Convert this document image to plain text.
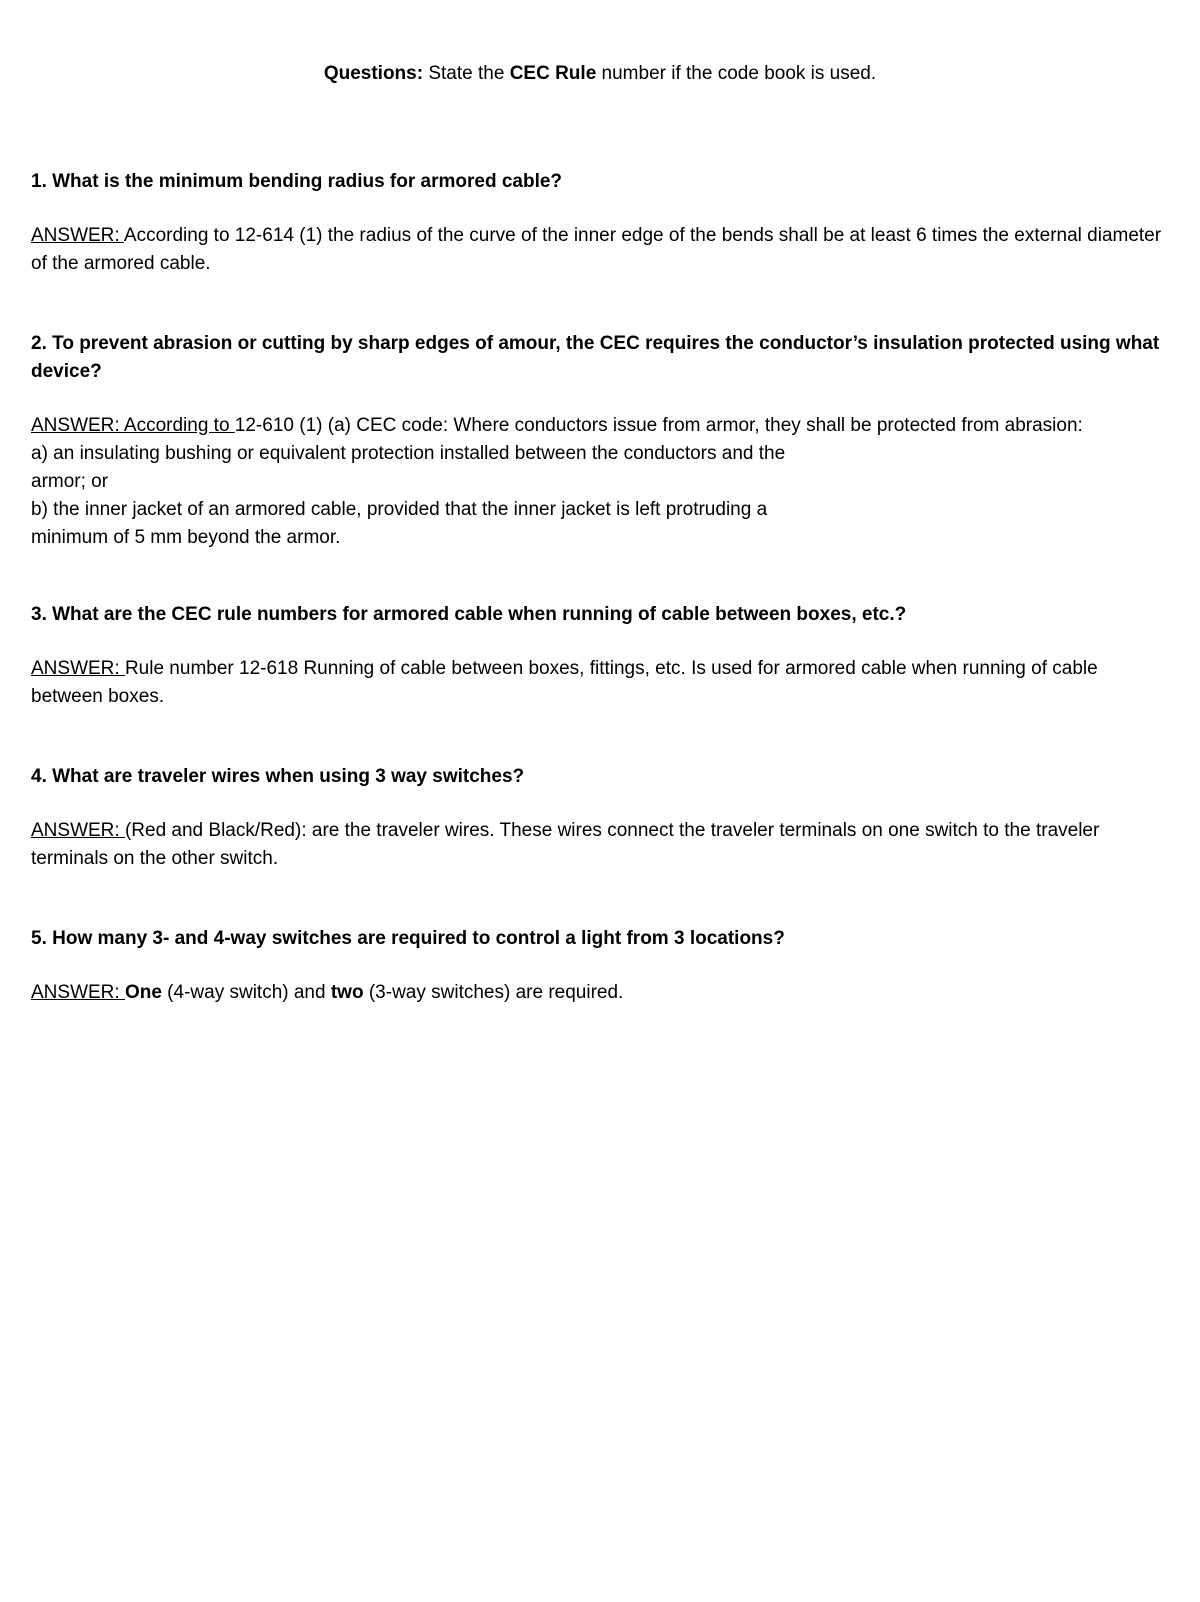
Questions: State the CEC Rule number if the code book is used.
1. What is the minimum bending radius for armored cable?
ANSWER: According to 12-614 (1) the radius of the curve of the inner edge of the bends shall be at least 6 times the external diameter of the armored cable.
2. To prevent abrasion or cutting by sharp edges of amour, the CEC requires the conductor’s insulation protected using what device?
ANSWER: According to 12-610 (1) (a) CEC code: Where conductors issue from armor, they shall be protected from abrasion:
a) an insulating bushing or equivalent protection installed between the conductors and the
armor; or
b) the inner jacket of an armored cable, provided that the inner jacket is left protruding a
minimum of 5 mm beyond the armor.
3. What are the CEC rule numbers for armored cable when running of cable between boxes, etc.?
ANSWER: Rule number 12-618 Running of cable between boxes, fittings, etc. Is used for armored cable when running of cable between boxes.
4. What are traveler wires when using 3 way switches?
ANSWER: (Red and Black/Red): are the traveler wires. These wires connect the traveler terminals on one switch to the traveler terminals on the other switch.
5. How many 3- and 4-way switches are required to control a light from 3 locations?
ANSWER: One (4-way switch) and two (3-way switches) are required.
